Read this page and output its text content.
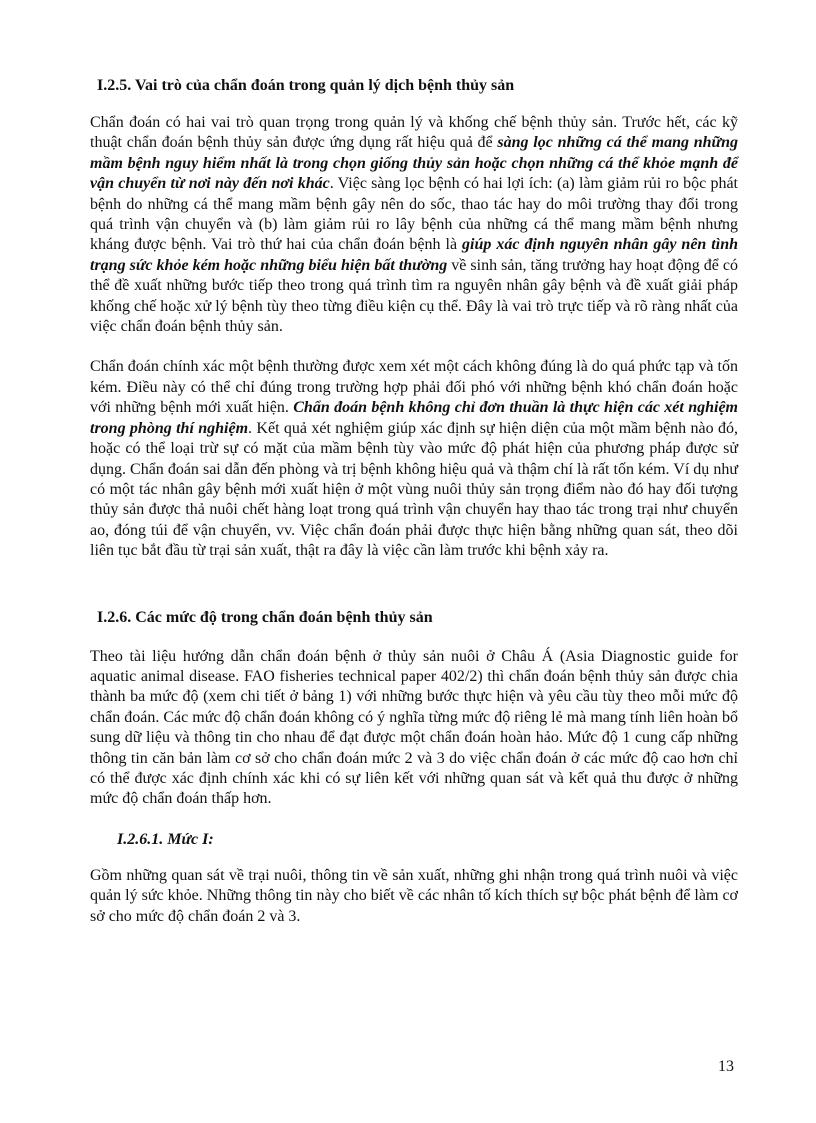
I.2.5. Vai trò của chẩn đoán trong quản lý dịch bệnh thủy sản

Chẩn đoán có hai vai trò quan trọng trong quản lý và khống chế bệnh thủy sản. Trước hết, các kỹ thuật chẩn đoán bệnh thủy sản được ứng dụng rất hiệu quả để sàng lọc những cá thể mang những mầm bệnh nguy hiểm nhất là trong chọn giống thủy sản hoặc chọn những cá thể khỏe mạnh để vận chuyển từ nơi này đến nơi khác. Việc sàng lọc bệnh có hai lợi ích: (a) làm giảm rủi ro bộc phát bệnh do những cá thể mang mầm bệnh gây nên do sốc, thao tác hay do môi trường thay đổi trong quá trình vận chuyển và (b) làm giảm rủi ro lây bệnh của những cá thể mang mầm bệnh nhưng kháng được bệnh. Vai trò thứ hai của chẩn đoán bệnh là giúp xác định nguyên nhân gây nên tình trạng sức khỏe kém hoặc những biểu hiện bất thường về sinh sản, tăng trưởng hay hoạt động để có thể đề xuất những bước tiếp theo trong quá trình tìm ra nguyên nhân gây bệnh và đề xuất giải pháp khống chế hoặc xử lý bệnh tùy theo từng điều kiện cụ thể. Đây là vai trò trực tiếp và rõ ràng nhất của việc chẩn đoán bệnh thủy sản.

Chẩn đoán chính xác một bệnh thường được xem xét một cách không đúng là do quá phức tạp và tốn kém. Điều này có thể chỉ đúng trong trường hợp phải đối phó với những bệnh khó chẩn đoán hoặc với những bệnh mới xuất hiện. Chẩn đoán bệnh không chỉ đơn thuần là thực hiện các xét nghiệm trong phòng thí nghiệm. Kết quả xét nghiệm giúp xác định sự hiện diện của một mầm bệnh nào đó, hoặc có thể loại trừ sự có mặt của mầm bệnh tùy vào mức độ phát hiện của phương pháp được sử dụng. Chẩn đoán sai dẫn đến phòng và trị bệnh không hiệu quả và thậm chí là rất tốn kém. Ví dụ như có một tác nhân gây bệnh mới xuất hiện ở một vùng nuôi thủy sản trọng điểm nào đó hay đối tượng thủy sản được thả nuôi chết hàng loạt trong quá trình vận chuyển hay thao tác trong trại như chuyển ao, đóng túi để vận chuyển, vv. Việc chẩn đoán phải được thực hiện bằng những quan sát, theo dõi liên tục bắt đầu từ trại sản xuất, thật ra đây là việc cần làm trước khi bệnh xảy ra.

I.2.6. Các mức độ trong chẩn đoán bệnh thủy sản

Theo tài liệu hướng dẫn chẩn đoán bệnh ở thủy sản nuôi ở Châu Á (Asia Diagnostic guide for aquatic animal disease. FAO fisheries technical paper 402/2) thì chẩn đoán bệnh thủy sản được chia thành ba mức độ (xem chi tiết ở bảng 1) với những bước thực hiện và yêu cầu tùy theo mỗi mức độ chẩn đoán. Các mức độ chẩn đoán không có ý nghĩa từng mức độ riêng lẻ mà mang tính liên hoàn bổ sung dữ liệu và thông tin cho nhau để đạt được một chẩn đoán hoàn hảo. Mức độ 1 cung cấp những thông tin căn bản làm cơ sở cho chẩn đoán mức 2 và 3 do việc chẩn đoán ở các mức độ cao hơn chỉ có thể được xác định chính xác khi có sự liên kết với những quan sát và kết quả thu được ở những mức độ chẩn đoán thấp hơn.

I.2.6.1. Mức I:

Gồm những quan sát về trại nuôi, thông tin về sản xuất, những ghi nhận trong quá trình nuôi và việc quản lý sức khỏe. Những thông tin này cho biết về các nhân tố kích thích sự bộc phát bệnh để làm cơ sở cho mức độ chẩn đoán 2 và 3.

13
